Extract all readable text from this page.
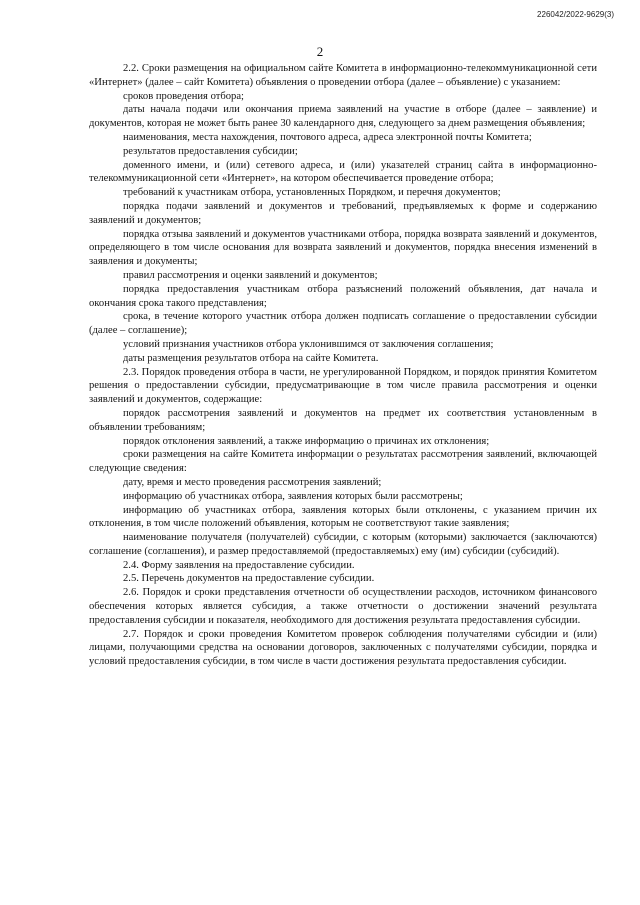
226042/2022-9629(3)
2

2.2. Сроки размещения на официальном сайте Комитета в информационно-телекоммуникационной сети «Интернет» (далее – сайт Комитета) объявления о проведении отбора (далее – объявление) с указанием:

сроков проведения отбора;

даты начала подачи или окончания приема заявлений на участие в отборе (далее – заявление) и документов, которая не может быть ранее 30 календарного дня, следующего за днем размещения объявления;

наименования, места нахождения, почтового адреса, адреса электронной почты Комитета;

результатов предоставления субсидии;

доменного имени, и (или) сетевого адреса, и (или) указателей страниц сайта в информационно-телекоммуникационной сети «Интернет», на котором обеспечивается проведение отбора;

требований к участникам отбора, установленных Порядком, и перечня документов;

порядка подачи заявлений и документов и требований, предъявляемых к форме и содержанию заявлений и документов;

порядка отзыва заявлений и документов участниками отбора, порядка возврата заявлений и документов, определяющего в том числе основания для возврата заявлений и документов, порядка внесения изменений в заявления и документы;

правил рассмотрения и оценки заявлений и документов;

порядка предоставления участникам отбора разъяснений положений объявления, дат начала и окончания срока такого представления;

срока, в течение которого участник отбора должен подписать соглашение о предоставлении субсидии (далее – соглашение);

условий признания участников отбора уклонившимся от заключения соглашения;

даты размещения результатов отбора на сайте Комитета.

2.3. Порядок проведения отбора в части, не урегулированной Порядком, и порядок принятия Комитетом решения о предоставлении субсидии, предусматривающие в том числе правила рассмотрения и оценки заявлений и документов, содержащие:

порядок рассмотрения заявлений и документов на предмет их соответствия установленным в объявлении требованиям;

порядок отклонения заявлений, а также информацию о причинах их отклонения;

сроки размещения на сайте Комитета информации о результатах рассмотрения заявлений, включающей следующие сведения:

дату, время и место проведения рассмотрения заявлений;

информацию об участниках отбора, заявления которых были рассмотрены;

информацию об участниках отбора, заявления которых были отклонены, с указанием причин их отклонения, в том числе положений объявления, которым не соответствуют такие заявления;

наименование получателя (получателей) субсидии, с которым (которыми) заключается (заключаются) соглашение (соглашения), и размер предоставляемой (предоставляемых) ему (им) субсидии (субсидий).

2.4. Форму заявления на предоставление субсидии.

2.5. Перечень документов на предоставление субсидии.

2.6. Порядок и сроки представления отчетности об осуществлении расходов, источником финансового обеспечения которых является субсидия, а также отчетности о достижении значений результата предоставления субсидии и показателя, необходимого для достижения результата предоставления субсидии.

2.7. Порядок и сроки проведения Комитетом проверок соблюдения получателями субсидии и (или) лицами, получающими средства на основании договоров, заключенных с получателями субсидии, порядка и условий предоставления субсидии, в том числе в части достижения результата предоставления субсидии.
